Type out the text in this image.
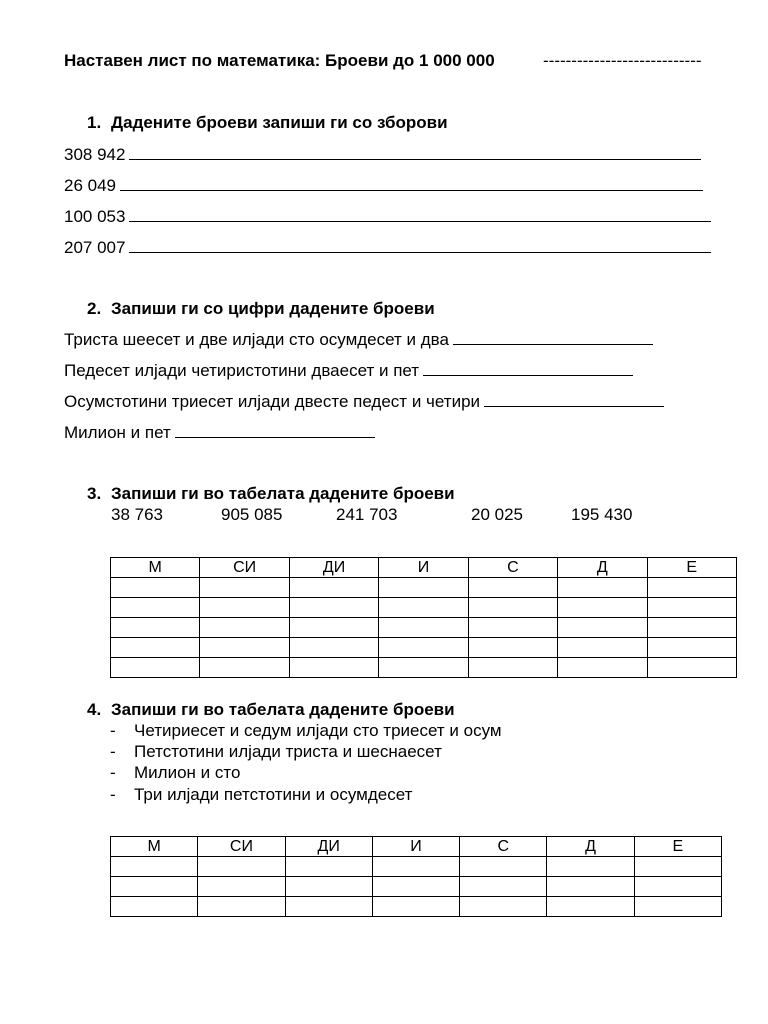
Наставен лист по математика: Броеви до 1 000 000	----------------------------
1. Дадените броеви запиши ги со зборови
308 942
26 049
100 053
207 007
2. Запиши ги со цифри дадените броеви
Триста шеесет и две илјади сто осумдесет и два
Педесет илјади четиристотини дваесет и пет
Осумстотини триесет илјади двесте педест и четири
Милион и пет
3. Запиши ги во табелата дадените броеви
38 763	905 085	241 703	20 025	195 430
М	СИ	ДИ	И	С	Д	Е

4. Запиши ги во табелата дадените броеви
- Четириесет и седум илјади сто триесет и осум
- Петстотини илјади триста и шеснаесет
- Милион и сто
- Три илјади петстотини и осумдесет
М	СИ	ДИ	И	С	Д	Е
